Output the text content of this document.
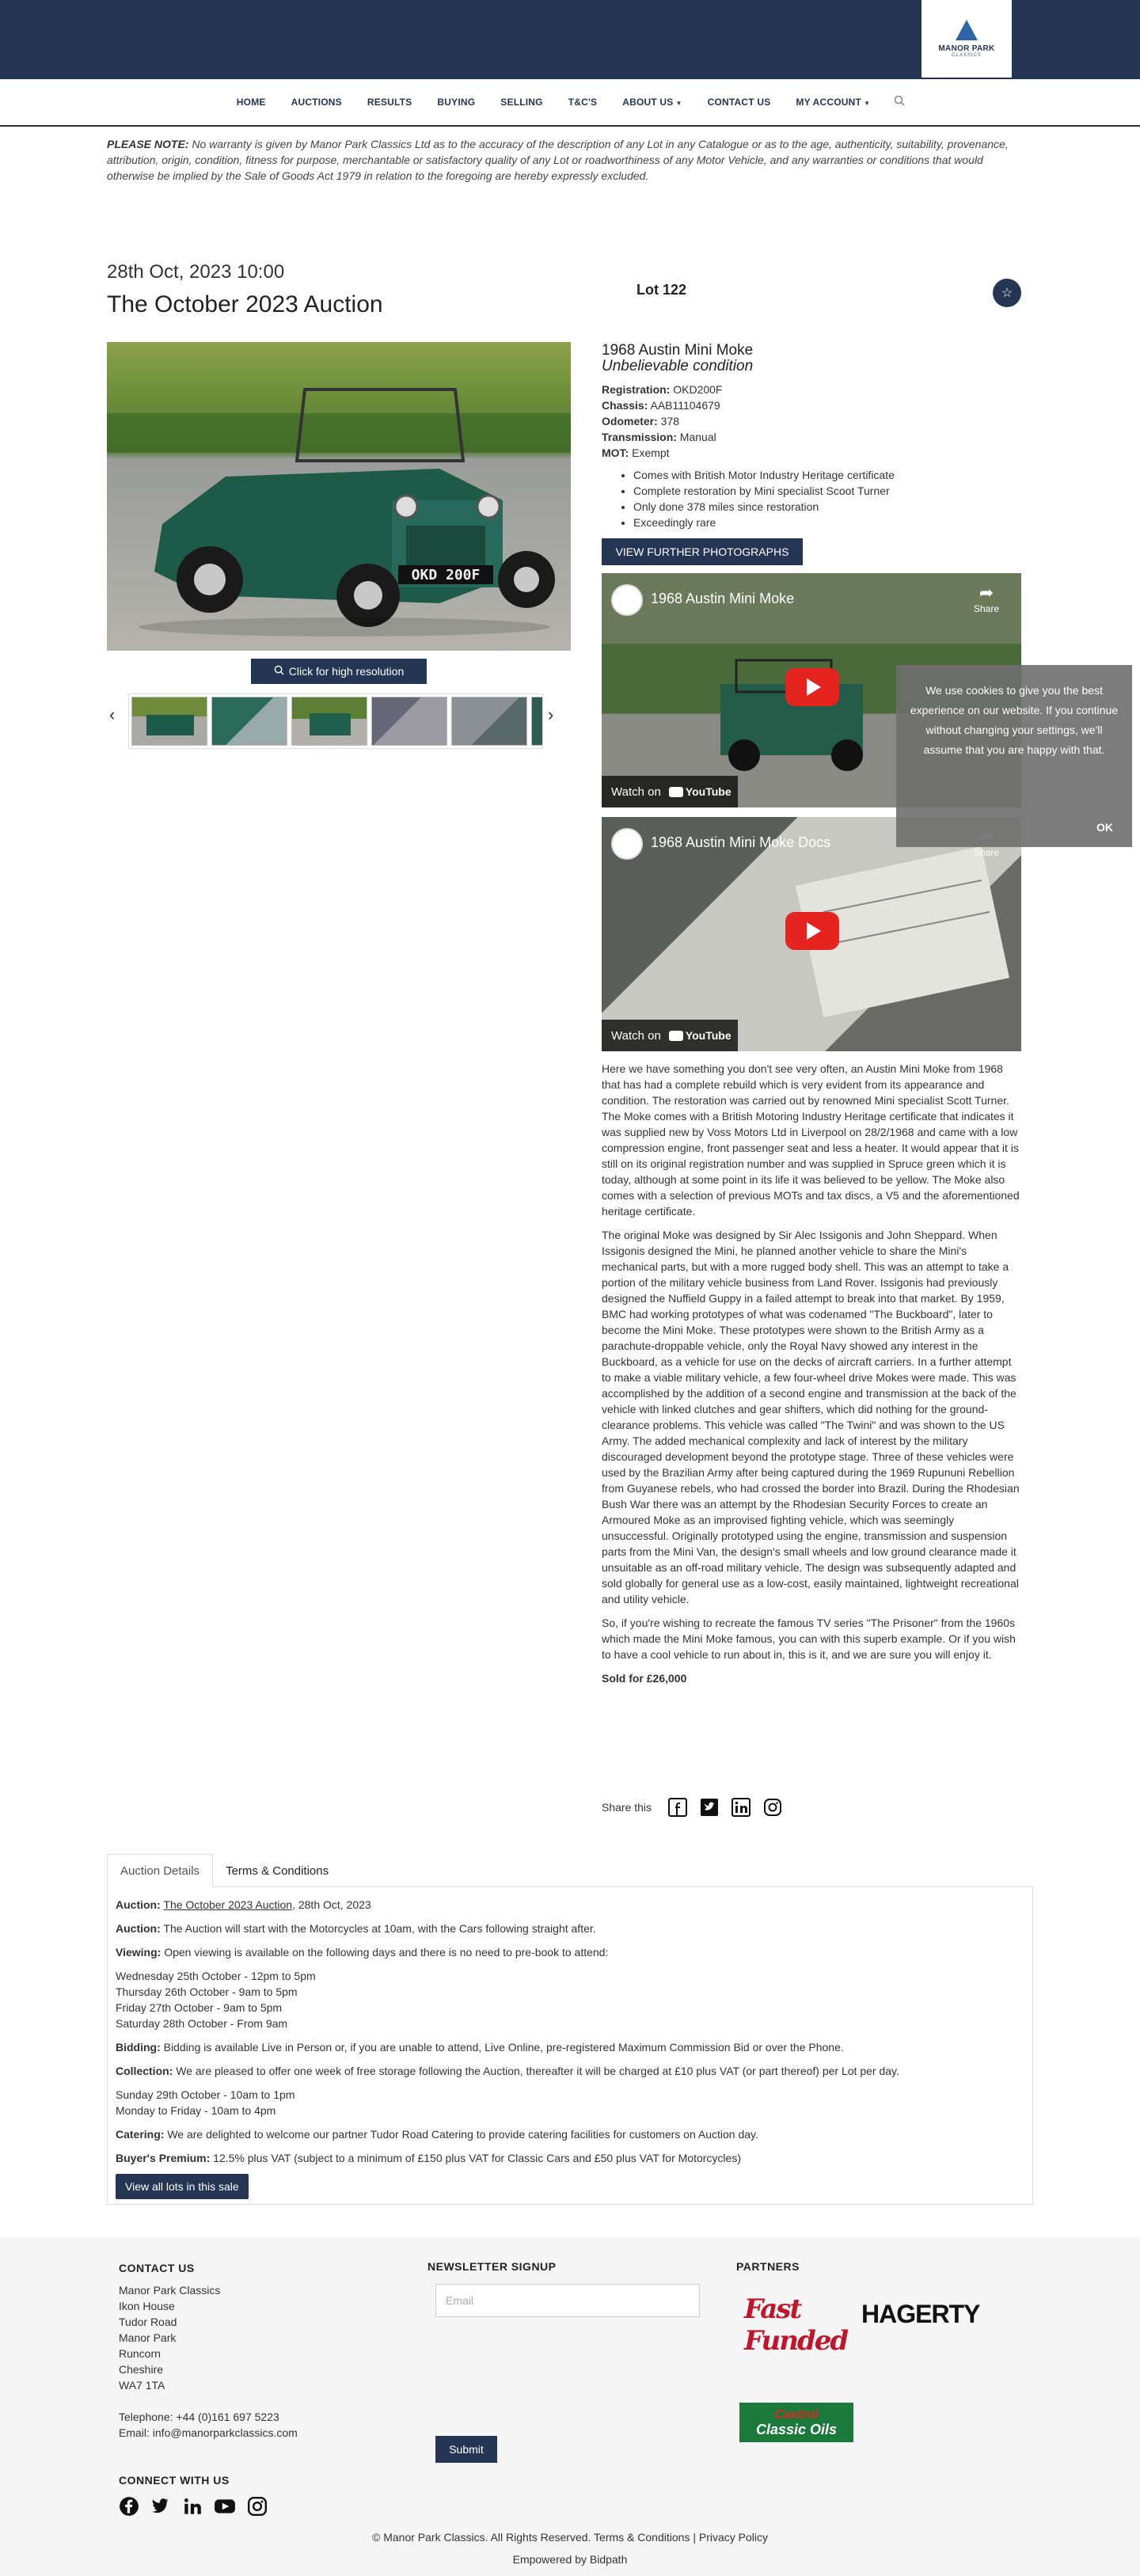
MANOR PARK
CLASSICS
HOME	AUCTIONS	RESULTS	BUYING	SELLING	T&C'S	ABOUT US ▼	CONTACT US	MY ACCOUNT ▼

PLEASE NOTE: No warranty is given by Manor Park Classics Ltd as to the accuracy of the description of any Lot in any Catalogue or as to the age, authenticity, suitability, provenance, attribution, origin, condition, fitness for purpose, merchantable or satisfactory quality of any Lot or roadworthiness of any Motor Vehicle, and any warranties or conditions that would otherwise be implied by the Sale of Goods Act 1979 in relation to the foregoing are hereby expressly excluded.

28th Oct, 2023 10:00
The October 2023 Auction
Lot 122	☆
OKD 200F
Click for high resolution
‹	›
1968 Austin Mini Moke
Unbelievable condition
Registration: OKD200F
Chassis: AAB11104679
Odometer: 378
Transmission: Manual
MOT: Exempt
• Comes with British Motor Industry Heritage certificate
• Complete restoration by Mini specialist Scoot Turner
• Only done 378 miles since restoration
• Exceedingly rare
VIEW FURTHER PHOTOGRAPHS
1968 Austin Mini Moke	➦
Share
Watch on YouTube
1968 Austin Mini Moke Docs
Share
Watch on YouTube

Here we have something you don't see very often, an Austin Mini Moke from 1968 that has had a complete rebuild which is very evident from its appearance and condition. The restoration was carried out by renowned Mini specialist Scott Turner. The Moke comes with a British Motoring Industry Heritage certificate that indicates it was supplied new by Voss Motors Ltd in Liverpool on 28/2/1968 and came with a low compression engine, front passenger seat and less a heater. It would appear that it is still on its original registration number and was supplied in Spruce green which it is today, although at some point in its life it was believed to be yellow. The Moke also comes with a selection of previous MOTs and tax discs, a V5 and the aforementioned heritage certificate.

The original Moke was designed by Sir Alec Issigonis and John Sheppard. When Issigonis designed the Mini, he planned another vehicle to share the Mini's mechanical parts, but with a more rugged body shell. This was an attempt to take a portion of the military vehicle business from Land Rover. Issigonis had previously designed the Nuffield Guppy in a failed attempt to break into that market. By 1959, BMC had working prototypes of what was codenamed "The Buckboard", later to become the Mini Moke. These prototypes were shown to the British Army as a parachute-droppable vehicle, only the Royal Navy showed any interest in the Buckboard, as a vehicle for use on the decks of aircraft carriers. In a further attempt to make a viable military vehicle, a few four-wheel drive Mokes were made. This was accomplished by the addition of a second engine and transmission at the back of the vehicle with linked clutches and gear shifters, which did nothing for the ground-clearance problems. This vehicle was called "The Twini" and was shown to the US Army. The added mechanical complexity and lack of interest by the military discouraged development beyond the prototype stage. Three of these vehicles were used by the Brazilian Army after being captured during the 1969 Rupununi Rebellion from Guyanese rebels, who had crossed the border into Brazil. During the Rhodesian Bush War there was an attempt by the Rhodesian Security Forces to create an Armoured Moke as an improvised fighting vehicle, which was seemingly unsuccessful. Originally prototyped using the engine, transmission and suspension parts from the Mini Van, the design's small wheels and low ground clearance made it unsuitable as an off-road military vehicle. The design was subsequently adapted and sold globally for general use as a low-cost, easily maintained, lightweight recreational and utility vehicle.

So, if you're wishing to recreate the famous TV series "The Prisoner" from the 1960s which made the Mini Moke famous, you can with this superb example. Or if you wish to have a cool vehicle to run about in, this is it, and we are sure you will enjoy it.

Sold for £26,000

Share this
Auction Details	Terms & Conditions

Auction: The October 2023 Auction, 28th Oct, 2023

Auction: The Auction will start with the Motorcycles at 10am, with the Cars following straight after.

Viewing: Open viewing is available on the following days and there is no need to pre-book to attend:

Wednesday 25th October - 12pm to 5pm
Thursday 26th October - 9am to 5pm
Friday 27th October - 9am to 5pm
Saturday 28th October - From 9am

Bidding: Bidding is available Live in Person or, if you are unable to attend, Live Online, pre-registered Maximum Commission Bid or over the Phone.

Collection: We are pleased to offer one week of free storage following the Auction, thereafter it will be charged at £10 plus VAT (or part thereof) per Lot per day.

Sunday 29th October - 10am to 1pm
Monday to Friday - 10am to 4pm

Catering: We are delighted to welcome our partner Tudor Road Catering to provide catering facilities for customers on Auction day.

Buyer's Premium: 12.5% plus VAT (subject to a minimum of £150 plus VAT for Classic Cars and £50 plus VAT for Motorcycles)

View all lots in this sale
CONTACT US
Manor Park Classics
Ikon House
Tudor Road
Manor Park
Runcorn
Cheshire
WA7 1TA
Telephone: +44 (0)161 697 5223
Email: info@manorparkclassics.com
NEWSLETTER SIGNUP
Email
Submit
PARTNERS
Fast Funded
HAGERTY
Castrol
Classic Oils
CONNECT WITH US
© Manor Park Classics. All Rights Reserved. Terms & Conditions | Privacy Policy
Empowered by Bidpath
We use cookies to give you the best experience on our website. If you continue without changing your settings, we'll assume that you are happy with that.
OK
